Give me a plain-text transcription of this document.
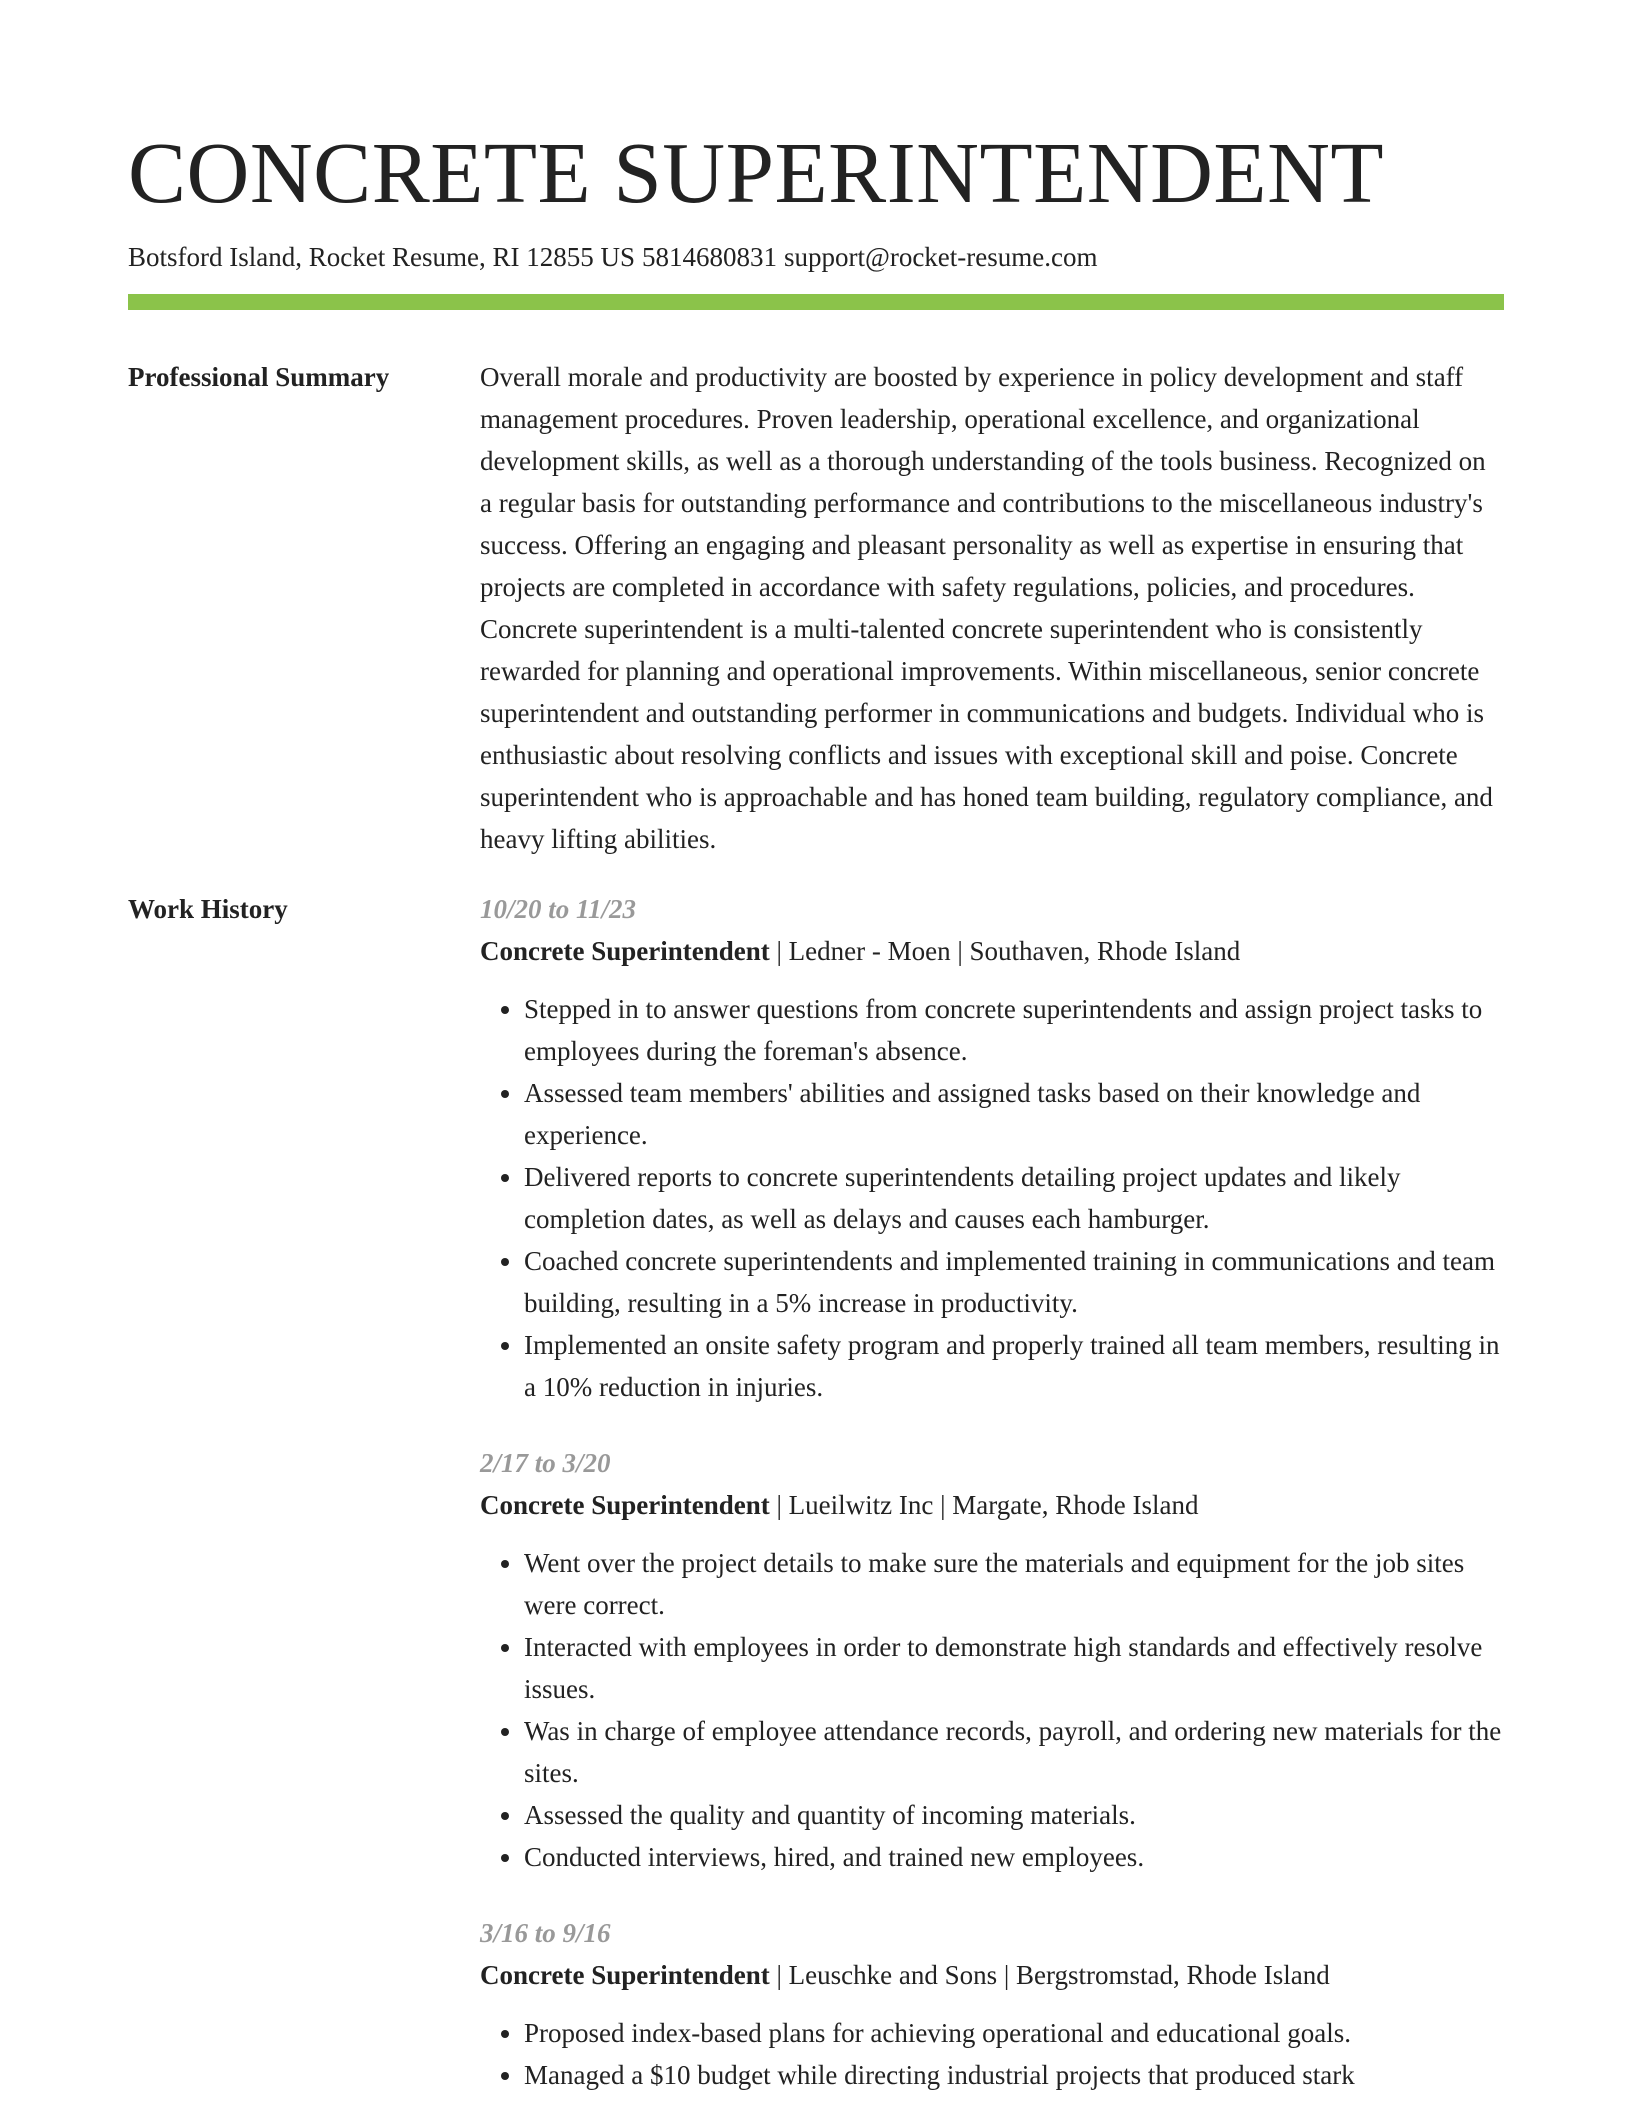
CONCRETE SUPERINTENDENT
Botsford Island, Rocket Resume, RI 12855 US 5814680831 support@rocket-resume.com
Professional Summary	Overall morale and productivity are boosted by experience in policy development and staff management procedures. Proven leadership, operational excellence, and organizational development skills, as well as a thorough understanding of the tools business. Recognized on a regular basis for outstanding performance and contributions to the miscellaneous industry's success. Offering an engaging and pleasant personality as well as expertise in ensuring that projects are completed in accordance with safety regulations, policies, and procedures. Concrete superintendent is a multi-talented concrete superintendent who is consistently rewarded for planning and operational improvements. Within miscellaneous, senior concrete superintendent and outstanding performer in communications and budgets. Individual who is enthusiastic about resolving conflicts and issues with exceptional skill and poise. Concrete superintendent who is approachable and has honed team building, regulatory compliance, and heavy lifting abilities.

Work History	10/20 to 11/23
Concrete Superintendent | Ledner - Moen | Southaven, Rhode Island
• Stepped in to answer questions from concrete superintendents and assign project tasks to employees during the foreman's absence.
• Assessed team members' abilities and assigned tasks based on their knowledge and experience.
• Delivered reports to concrete superintendents detailing project updates and likely completion dates, as well as delays and causes each hamburger.
• Coached concrete superintendents and implemented training in communications and team building, resulting in a 5% increase in productivity.
• Implemented an onsite safety program and properly trained all team members, resulting in a 10% reduction in injuries.
2/17 to 3/20
Concrete Superintendent | Lueilwitz Inc | Margate, Rhode Island
• Went over the project details to make sure the materials and equipment for the job sites were correct.
• Interacted with employees in order to demonstrate high standards and effectively resolve issues.
• Was in charge of employee attendance records, payroll, and ordering new materials for the sites.
• Assessed the quality and quantity of incoming materials.
• Conducted interviews, hired, and trained new employees.
3/16 to 9/16
Concrete Superintendent | Leuschke and Sons | Bergstromstad, Rhode Island
• Proposed index-based plans for achieving operational and educational goals.
• Managed a $10 budget while directing industrial projects that produced stark
